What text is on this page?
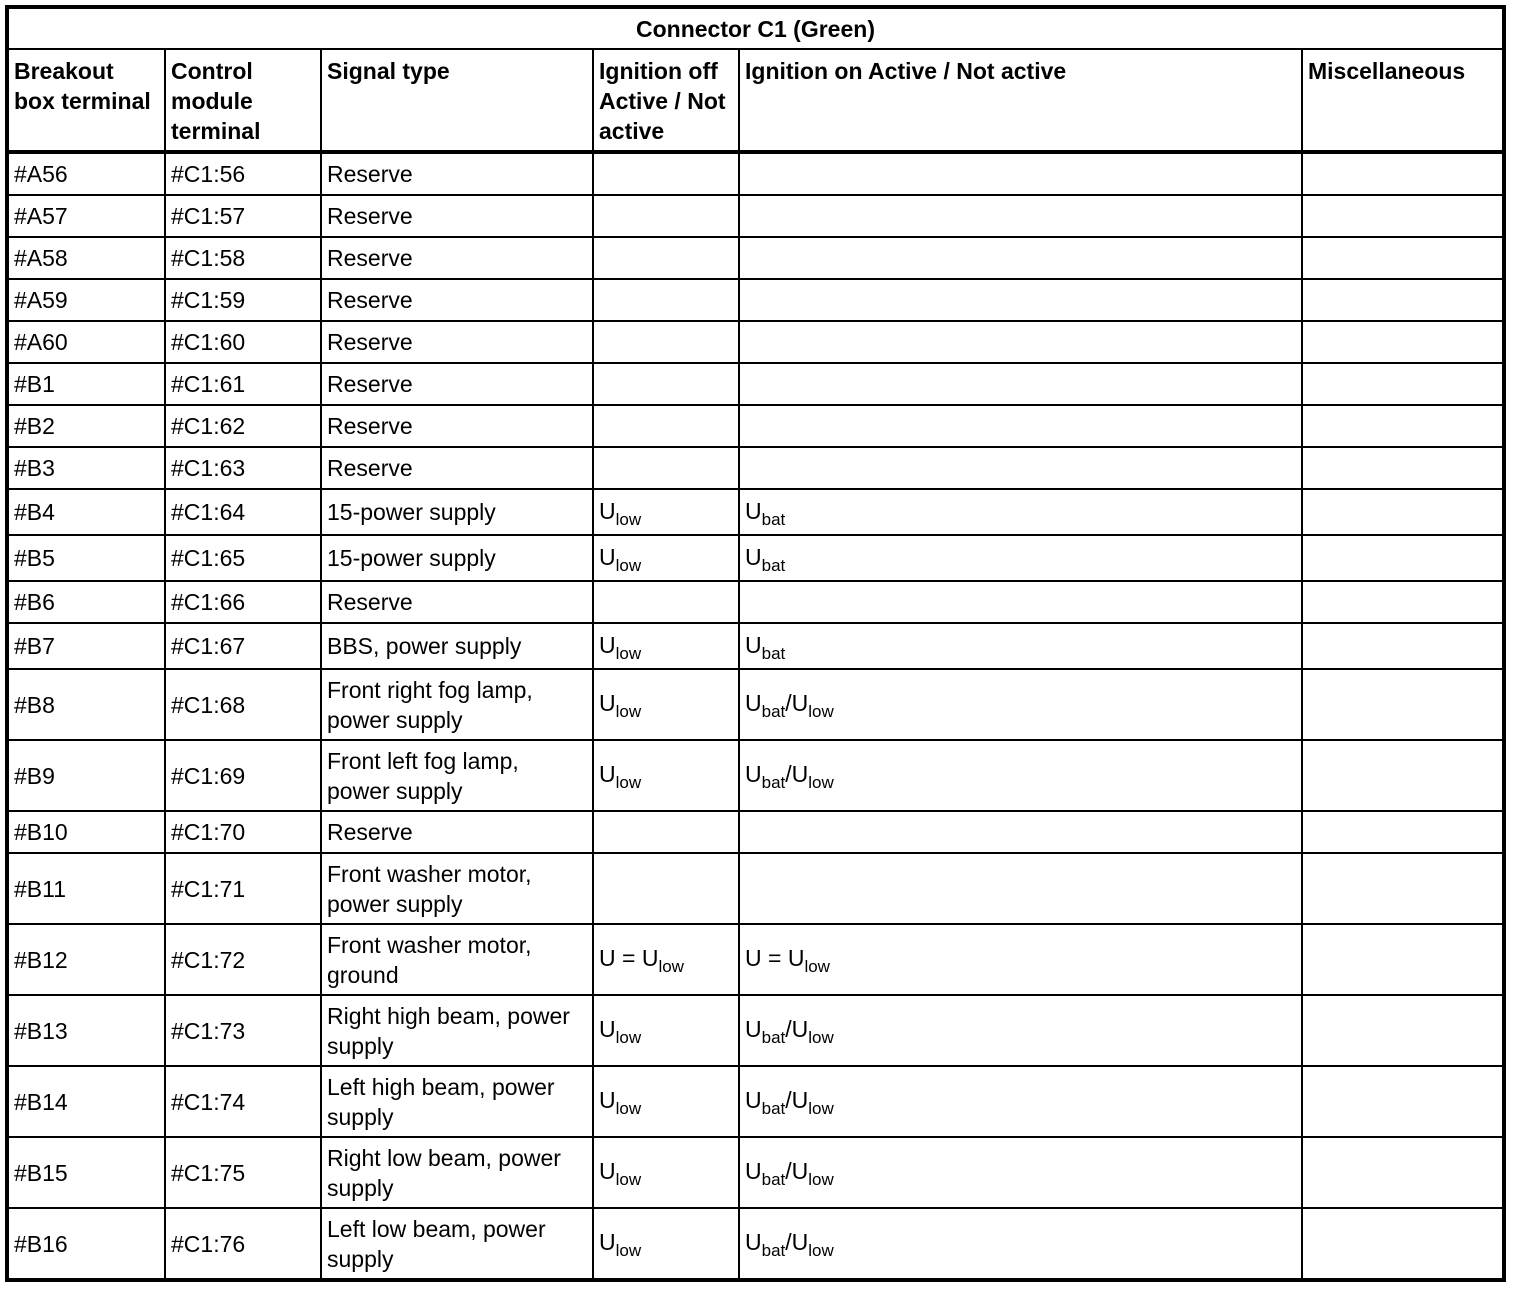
Connector C1 (Green)					
Breakout box terminal	Control module terminal	Signal type	Ignition off Active / Not active	Ignition on Active / Not active	Miscellaneous
#A56	#C1:56	Reserve			
#A57	#C1:57	Reserve			
#A58	#C1:58	Reserve			
#A59	#C1:59	Reserve			
#A60	#C1:60	Reserve			
#B1	#C1:61	Reserve			
#B2	#C1:62	Reserve			
#B3	#C1:63	Reserve			
#B4	#C1:64	15-power supply	$U_{low}$	$U_{bat}$	
#B5	#C1:65	15-power supply	$U_{low}$	$U_{bat}$	
#B6	#C1:66	Reserve			
#B7	#C1:67	BBS, power supply	$U_{low}$	$U_{bat}$	
#B8	#C1:68	Front right fog lamp, power supply	$U_{low}$	$U_{bat}/U_{low}$	
#B9	#C1:69	Front left fog lamp, power supply	$U_{low}$	$U_{bat}/U_{low}$	
#B10	#C1:70	Reserve			
#B11	#C1:71	Front washer motor, power supply			
#B12	#C1:72	Front washer motor, ground	$U = U_{low}$	$U = U_{low}$	
#B13	#C1:73	Right high beam, power supply	$U_{low}$	$U_{bat}/U_{low}$	
#B14	#C1:74	Left high beam, power supply	$U_{low}$	$U_{bat}/U_{low}$	
#B15	#C1:75	Right low beam, power supply	$U_{low}$	$U_{bat}/U_{low}$	
#B16	#C1:76	Left low beam, power supply	$U_{low}$	$U_{bat}/U_{low}$	
